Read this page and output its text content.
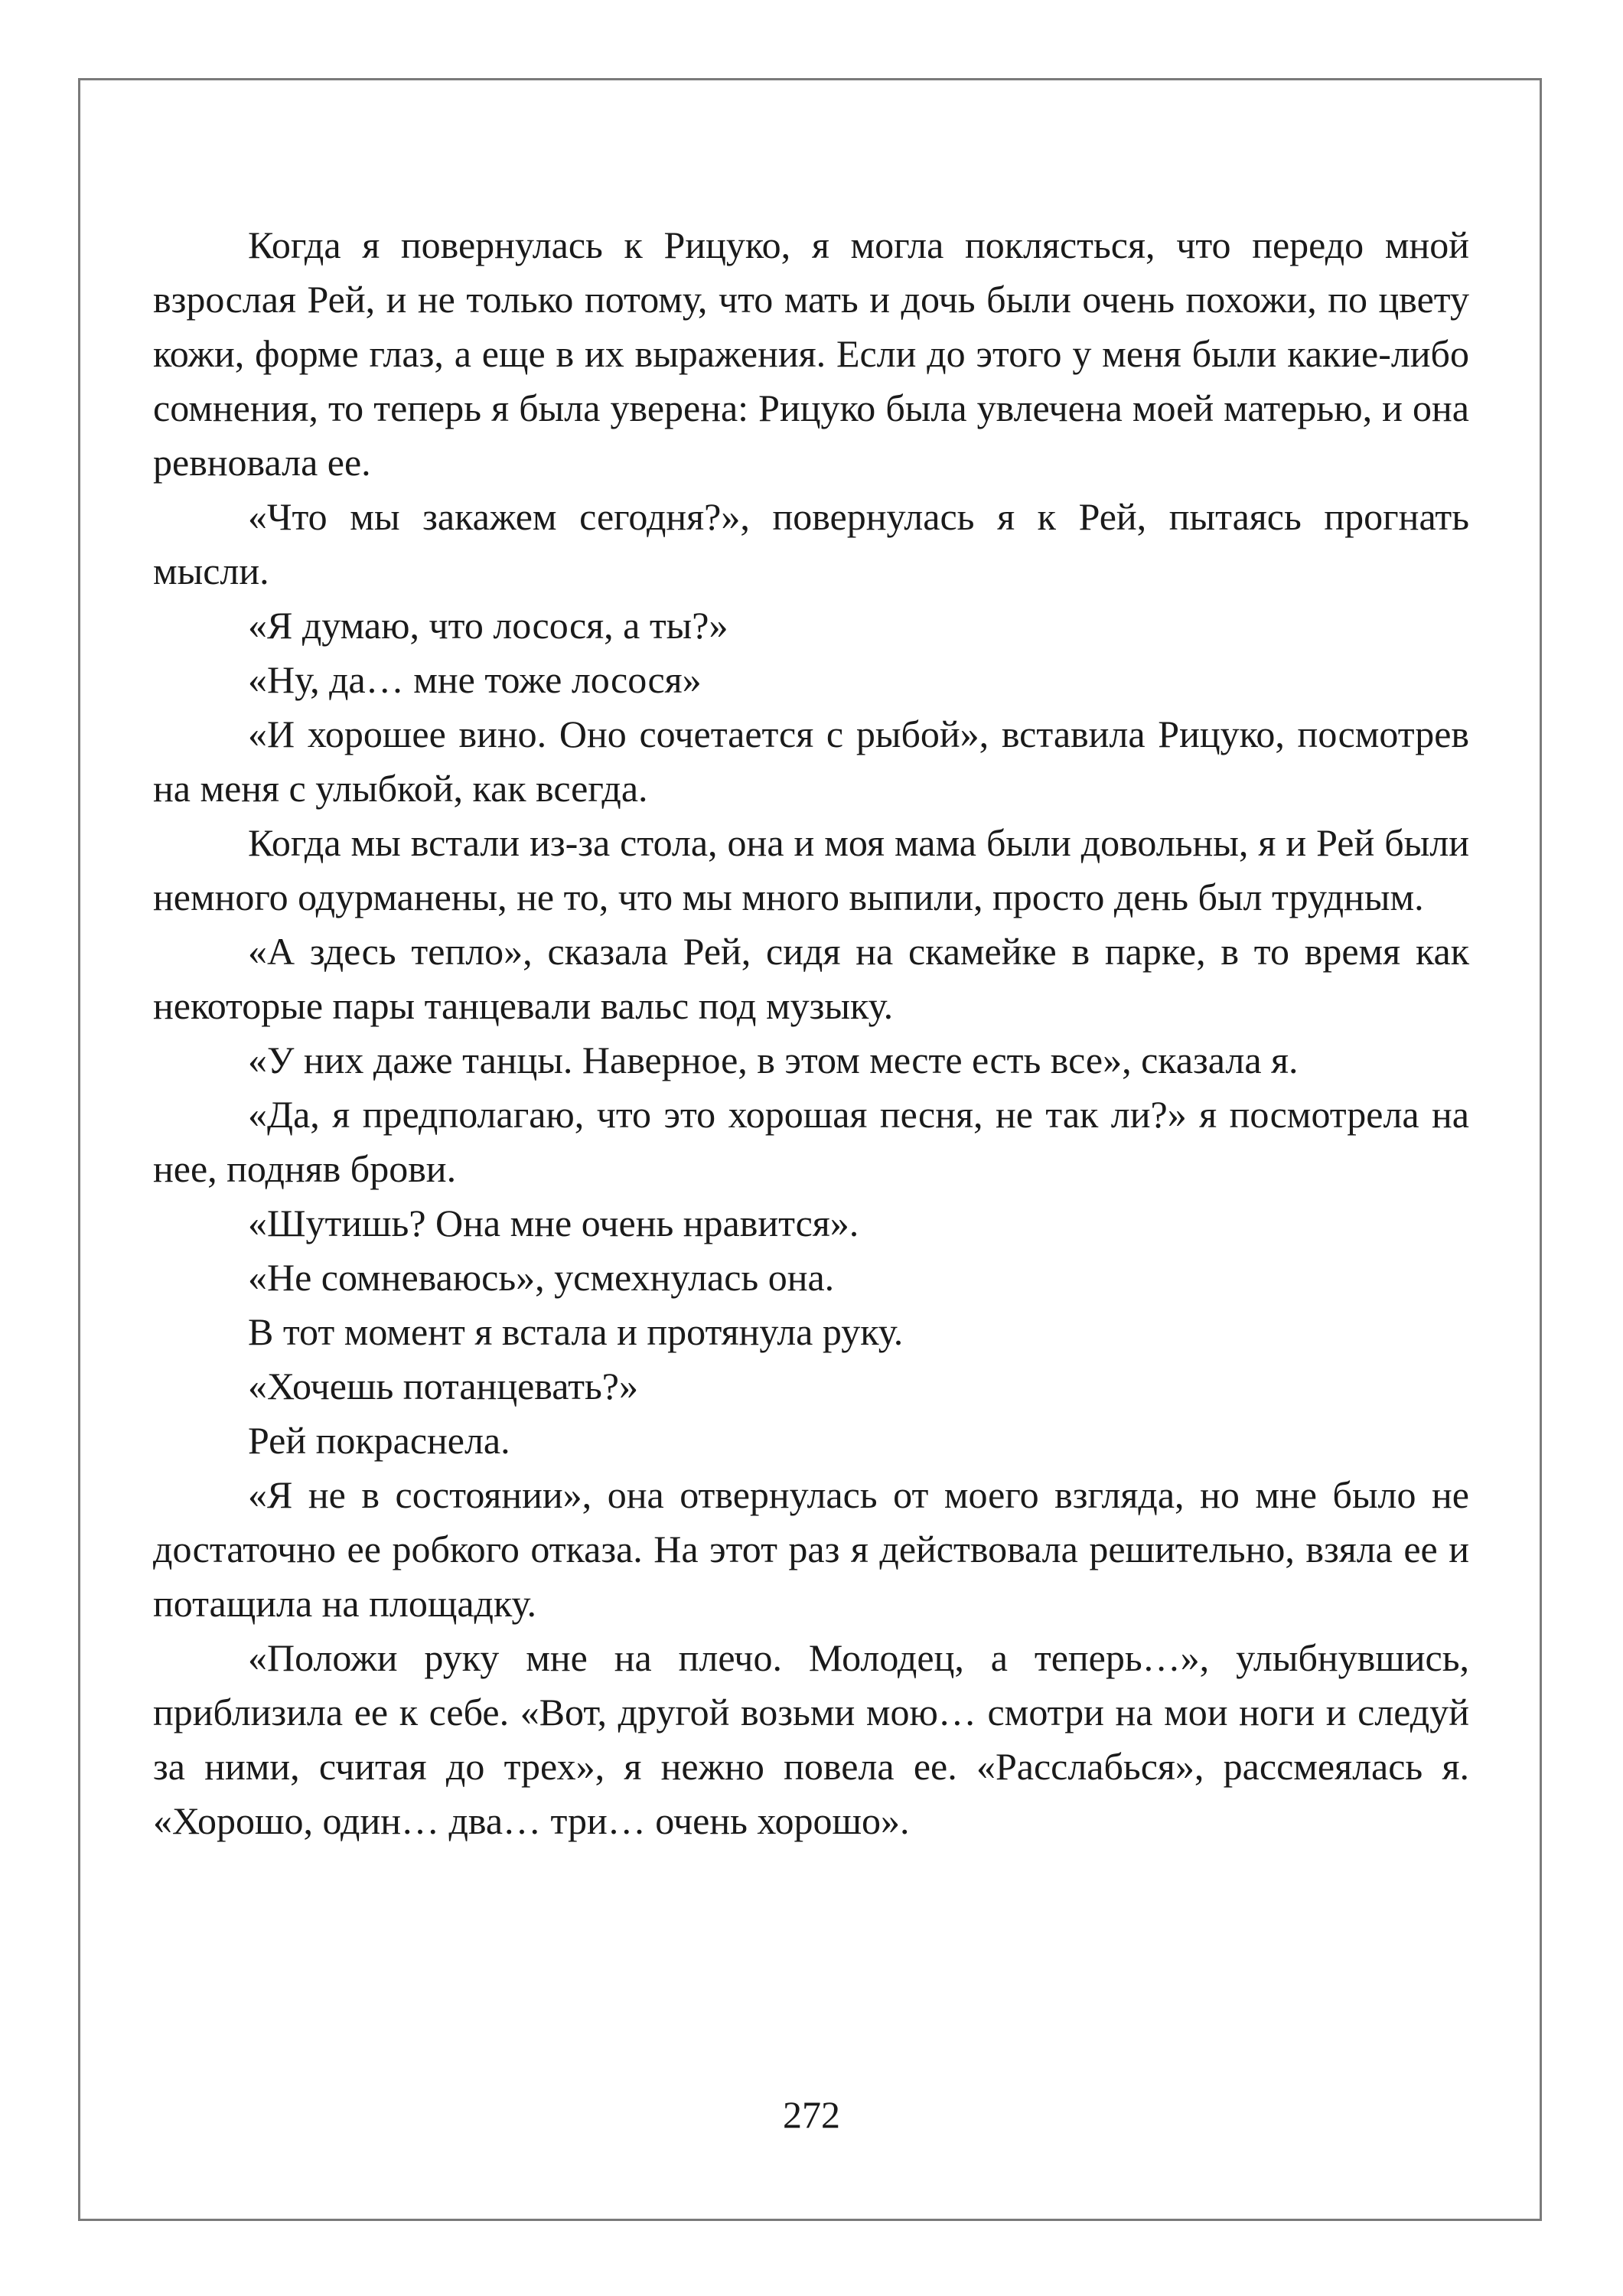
Когда я повернулась к Рицуко, я могла поклясться, что передо мной взрослая Рей, и не только потому, что мать и дочь были очень похожи, по цвету кожи, форме глаз, а еще в их выражения. Если до этого у меня были какие-либо сомнения, то теперь я была уверена: Рицуко была увлечена моей матерью, и она ревновала ее.

«Что мы закажем сегодня?», повернулась я к Рей, пытаясь прогнать мысли.

«Я думаю, что лосося, а ты?»

«Ну, да… мне тоже лосося»

«И хорошее вино. Оно сочетается с рыбой», вставила Рицуко, посмотрев на меня с улыбкой, как всегда.

Когда мы встали из-за стола, она и моя мама были довольны, я и Рей были немного одурманены, не то, что мы много выпили, просто день был трудным.

«А здесь тепло», сказала Рей, сидя на скамейке в парке, в то время как некоторые пары танцевали вальс под музыку.

«У них даже танцы. Наверное, в этом месте есть все», сказала я.

«Да, я предполагаю, что это хорошая песня, не так ли?» я посмотрела на нее, подняв брови.

«Шутишь? Она мне очень нравится».

«Не сомневаюсь», усмехнулась она.

В тот момент я встала и протянула руку.

«Хочешь потанцевать?»

Рей покраснела.

«Я не в состоянии», она отвернулась от моего взгляда, но мне было не достаточно ее робкого отказа. На этот раз я действовала решительно, взяла ее и потащила на площадку.

«Положи руку мне на плечо. Молодец, а теперь…», улыбнувшись, приблизила ее к себе. «Вот, другой возьми мою… смотри на мои ноги и следуй за ними, считая до трех», я нежно повела ее. «Расслабься», рассмеялась я. «Хорошо, один… два… три… очень хорошо».

272
